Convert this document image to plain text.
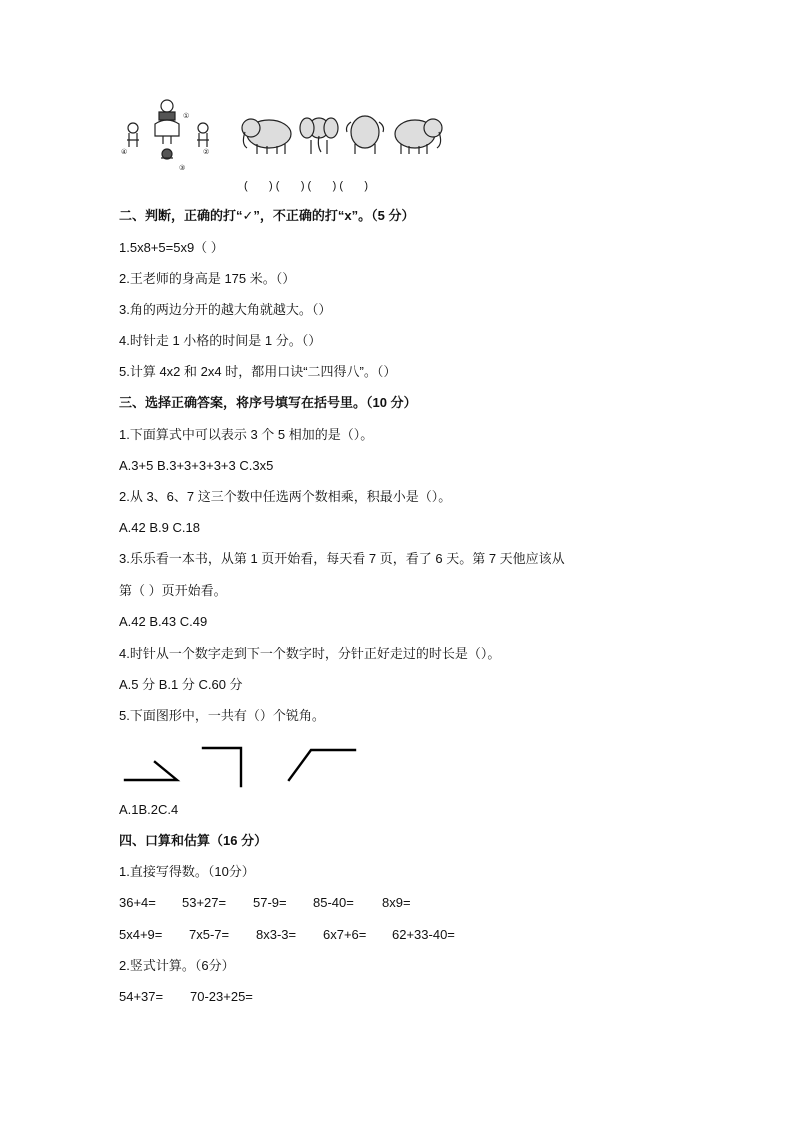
①
②
③
④
(       ) (       ) (       ) (       )
二、判断，正确的打“✓”，不正确的打“x”。（5 分）
1.5x8+5=5x9（ ）
2.王老师的身高是 175 米。（）
3.角的两边分开的越大角就越大。（）
4.时针走 1 小格的时间是 1 分。（）
5.计算 4x2 和 2x4 时，都用口诀“二四得八”。（）
三、选择正确答案，将序号填写在括号里。（10 分）
1.下面算式中可以表示 3 个 5 相加的是（）。
A.3+5 B.3+3+3+3+3 C.3x5
2.从 3、6、7 这三个数中任选两个数相乘，积最小是（）。
A.42 B.9 C.18
3.乐乐看一本书，从第 1 页开始看，每天看 7 页，看了 6 天。第 7 天他应该从
第（ ）页开始看。
A.42 B.43 C.49
4.时针从一个数字走到下一个数字时，分针正好走过的时长是（）。
A.5 分 B.1 分 C.60 分
5.下面图形中，一共有（）个锐角。
A.1B.2C.4
四、口算和估算（16 分）
1.直接写得数。（10分）
36+4= 53+27= 57-9= 85-40= 8x9=
5x4+9= 7x5-7= 8x3-3= 6x7+6= 62+33-40=
2.竖式计算。（6分）
54+37= 70-23+25=
